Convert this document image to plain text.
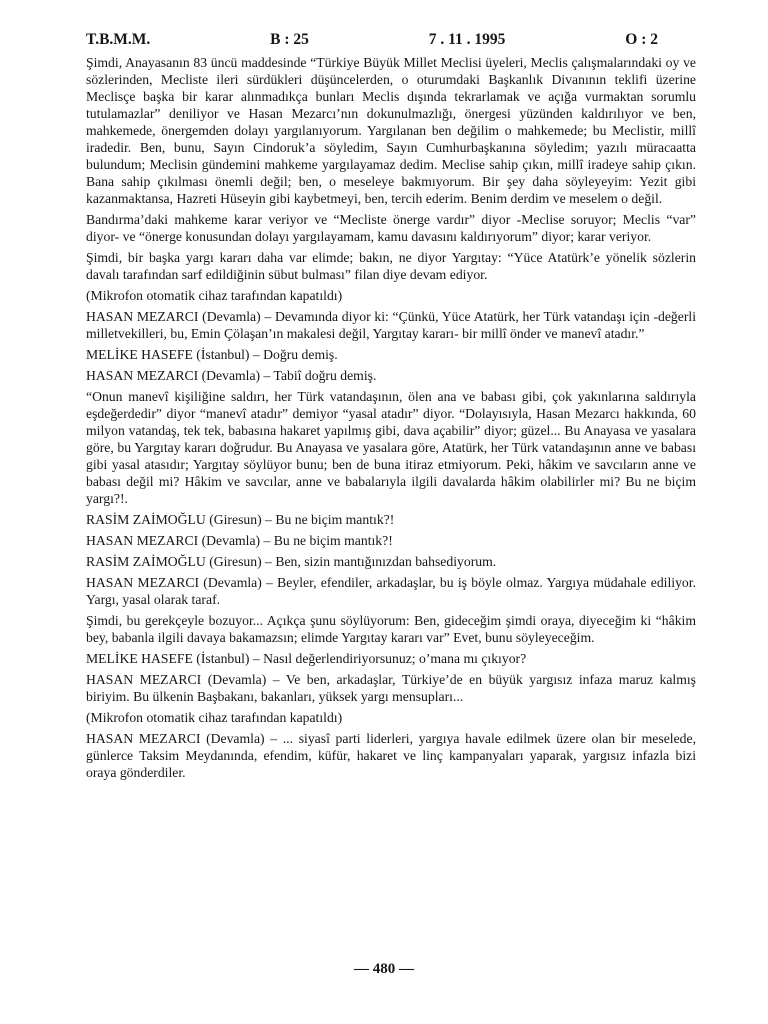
T.B.M.M.	B : 25	7 . 11 . 1995	O : 2

Şimdi, Anayasanın 83 üncü maddesinde “Türkiye Büyük Millet Meclisi üyeleri, Meclis çalışmalarındaki oy ve sözlerinden, Mecliste ileri sürdükleri düşüncelerden, o oturumdaki Başkanlık Divanının teklifi üzerine Meclisçe başka bir karar alınmadıkça bunları Meclis dışında tekrarlamak ve açığa vurmaktan sorumlu tutulamazlar” deniliyor ve Hasan Mezarcı’nın dokunulmazlığı, önergesi yüzünden kaldırılıyor ve ben, mahkemede, önergemden dolayı yargılanıyorum. Yargılanan ben değilim o mahkemede; bu Meclistir, millî iradedir. Ben, bunu, Sayın Cindoruk’a söyledim, Sayın Cumhurbaşkanına söyledim; yazılı müracaatta bulundum; Meclisin gündemini mahkeme yargılayamaz dedim. Meclise sahip çıkın, millî iradeye sahip çıkın. Bana sahip çıkılması önemli değil; ben, o meseleye bakmıyorum. Bir şey daha söyleyeyim: Yezit gibi kazanmaktansa, Hazreti Hüseyin gibi kaybetmeyi, ben, tercih ederim. Benim derdim ve meselem o değil.

Bandırma’daki mahkeme karar veriyor ve “Mecliste önerge vardır” diyor -Meclise soruyor; Meclis “var” diyor- ve “önerge konusundan dolayı yargılayamam, kamu davasını kaldırıyorum” diyor; karar veriyor.

Şimdi, bir başka yargı kararı daha var elimde; bakın, ne diyor Yargıtay: “Yüce Atatürk’e yönelik sözlerin davalı tarafından sarf edildiğinin sübut bulması” filan diye devam ediyor.

(Mikrofon otomatik cihaz tarafından kapatıldı)

HASAN MEZARCI (Devamla) – Devamında diyor ki: “Çünkü, Yüce Atatürk, her Türk vatandaşı için -değerli milletvekilleri, bu, Emin Çölaşan’ın makalesi değil, Yargıtay kararı- bir millî önder ve manevî atadır.”

MELİKE HASEFE (İstanbul) – Doğru demiş.

HASAN MEZARCI (Devamla) – Tabiî doğru demiş.

“Onun manevî kişiliğine saldırı, her Türk vatandaşının, ölen ana ve babası gibi, çok yakınlarına saldırıyla eşdeğerdedir” diyor “manevî atadır” demiyor “yasal atadır” diyor. “Dolayısıyla, Hasan Mezarcı hakkında, 60 milyon vatandaş, tek tek, babasına hakaret yapılmış gibi, dava açabilir” diyor; güzel... Bu Anayasa ve yasalara göre, bu Yargıtay kararı doğrudur. Bu Anayasa ve yasalara göre, Atatürk, her Türk vatandaşının anne ve babası gibi yasal atasıdır; Yargıtay söylüyor bunu; ben de buna itiraz etmiyorum. Peki, hâkim ve savcıların anne ve babası değil mi? Hâkim ve savcılar, anne ve babalarıyla ilgili davalarda hâkim olabilirler mi? Bu ne biçim yargı?!.

RASİM ZAİMOĞLU (Giresun) – Bu ne biçim mantık?!

HASAN MEZARCI (Devamla) – Bu ne biçim mantık?!

RASİM ZAİMOĞLU (Giresun) – Ben, sizin mantığınızdan bahsediyorum.

HASAN MEZARCI (Devamla) – Beyler, efendiler, arkadaşlar, bu iş böyle olmaz. Yargıya müdahale ediliyor. Yargı, yasal olarak taraf.

Şimdi, bu gerekçeyle bozuyor... Açıkça şunu söylüyorum: Ben, gideceğim şimdi oraya, diyeceğim ki “hâkim bey, babanla ilgili davaya bakamazsın; elimde Yargıtay kararı var” Evet, bunu söyleyeceğim.

MELİKE HASEFE (İstanbul) – Nasıl değerlendiriyorsunuz; o’mana mı çıkıyor?

HASAN MEZARCI (Devamla) – Ve ben, arkadaşlar, Türkiye’de en büyük yargısız infaza maruz kalmış biriyim. Bu ülkenin Başbakanı, bakanları, yüksek yargı mensupları...

(Mikrofon otomatik cihaz tarafından kapatıldı)

HASAN MEZARCI (Devamla) – ... siyasî parti liderleri, yargıya havale edilmek üzere olan bir meselede, günlerce Taksim Meydanında, efendim, küfür, hakaret ve linç kampanyaları yaparak, yargısız infazla bizi oraya gönderdiler.

— 480 —
